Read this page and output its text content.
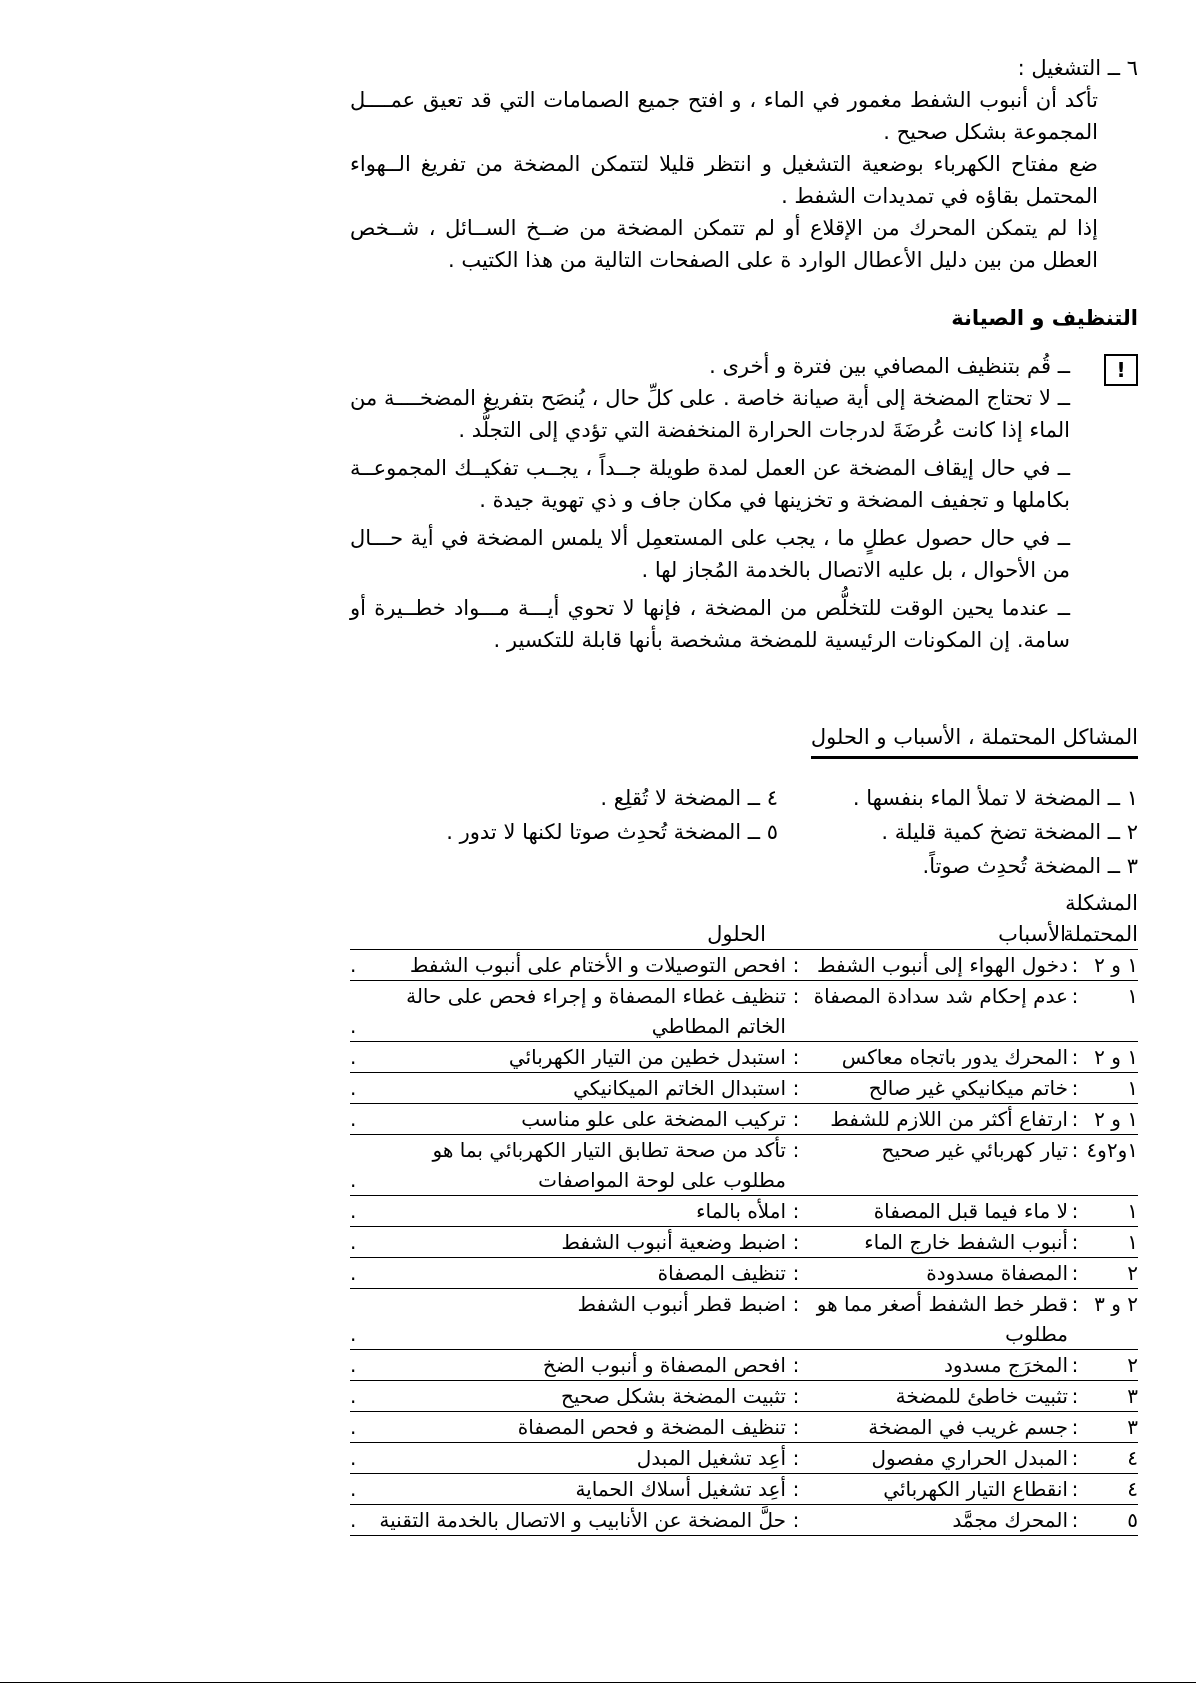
٦ ــ التشغيل :

تأكد أن أنبوب الشفط مغمور في الماء ، و افتح جميع الصمامات التي قد تعيق عمــــل المجموعة بشكل صحيح .

ضع مفتاح الكهرباء بوضعية التشغيل و انتظر قليلا لتتمكن المضخة من تفريغ الــهواء المحتمل بقاؤه في تمديدات الشفط .

إذا لم يتمكن المحرك من الإقلاع أو لم تتمكن المضخة من ضــخ الســائل ، شــخص العطل من بين دليل الأعطال الوارد ة على الصفحات التالية من هذا الكتيب .

التنظيف و الصيانة
!

ــ قُم بتنظيف المصافي بين فترة و أخرى .

ــ لا تحتاج المضخة إلى أية صيانة خاصة . على كلِّ حال ، يُنصَح بتفريغ المضخــــة من الماء إذا كانت عُرضَةَ لدرجات الحرارة المنخفضة التي تؤدي إلى التجلُّد .

ــ في حال إيقاف المضخة عن العمل لمدة طويلة جــداً ، يجــب تفكيــك المجموعــة بكاملها و تجفيف المضخة و تخزينها في مكان جاف و ذي تهوية جيدة .

ــ في حال حصول عطلٍ ما ، يجب على المستعمِل ألا يلمس المضخة في أية حـــال من الأحوال ، بل عليه الاتصال بالخدمة المُجاز لها .

ــ عندما يحين الوقت للتخلُّص من المضخة ، فإنها لا تحوي أيـــة مـــواد خطــيرة أو سامة. إن المكونات الرئيسية للمضخة مشخصة بأنها قابلة للتكسير .

المشاكل المحتملة ، الأسباب و الحلول
١ ــ المضخة لا تملأ الماء بنفسها .
٤ ــ المضخة لا تُقلِع .
٢ ــ المضخة تضخ كمية قليلة .
٥ ــ المضخة تُحدِث صوتا لكنها لا تدور .
٣ ــ المضخة تُحدِث صوتاً.

المشكلة

المحتملة
الأسباب
الحلول
١ و ٢	:	دخول الهواء إلى أنبوب الشفط	:	افحص التوصيلات و الأختام على أنبوب الشفط	.
١	:	عدم إحكام شد سدادة المصفاة	:	تنظيف غطاء المصفاة و إجراء فحص على حالة الخاتم المطاطي	.
١ و ٢	:	المحرك يدور باتجاه معاكس	:	استبدل خطين من التيار الكهربائي	.
١	:	خاتم ميكانيكي غير صالح	:	استبدال الخاتم الميكانيكي	.
١ و ٢	:	ارتفاع أكثر من اللازم للشفط	:	تركيب المضخة على علو مناسب	.
١و٢و٤	:	تيار كهربائي غير صحيح	:	تأكد من صحة تطابق التيار الكهربائي بما هو مطلوب على لوحة المواصفات	.
١	:	لا ماء فيما قبل المصفاة	:	املأه بالماء	.
١	:	أنبوب الشفط خارج الماء	:	اضبط وضعية أنبوب الشفط	.
٢	:	المصفاة مسدودة	:	تنظيف المصفاة	.
٢ و ٣	:	قطر خط الشفط أصغر مما هو مطلوب	:	اضبط قطر أنبوب الشفط	.
٢	:	المخرَج مسدود	:	افحص المصفاة و أنبوب الضخ	.
٣	:	تثبيت خاطئ للمضخة	:	تثبيت المضخة بشكل صحيح	.
٣	:	جسم غريب في المضخة	:	تنظيف المضخة و فحص المصفاة	.
٤	:	المبدل الحراري مفصول	:	أعِد تشغيل المبدل	.
٤	:	انقطاع التيار الكهربائي	:	أعِد تشغيل أسلاك الحماية	.
٥	:	المحرك مجمَّد	:	حلَّ المضخة عن الأنابيب و الاتصال بالخدمة التقنية	.
